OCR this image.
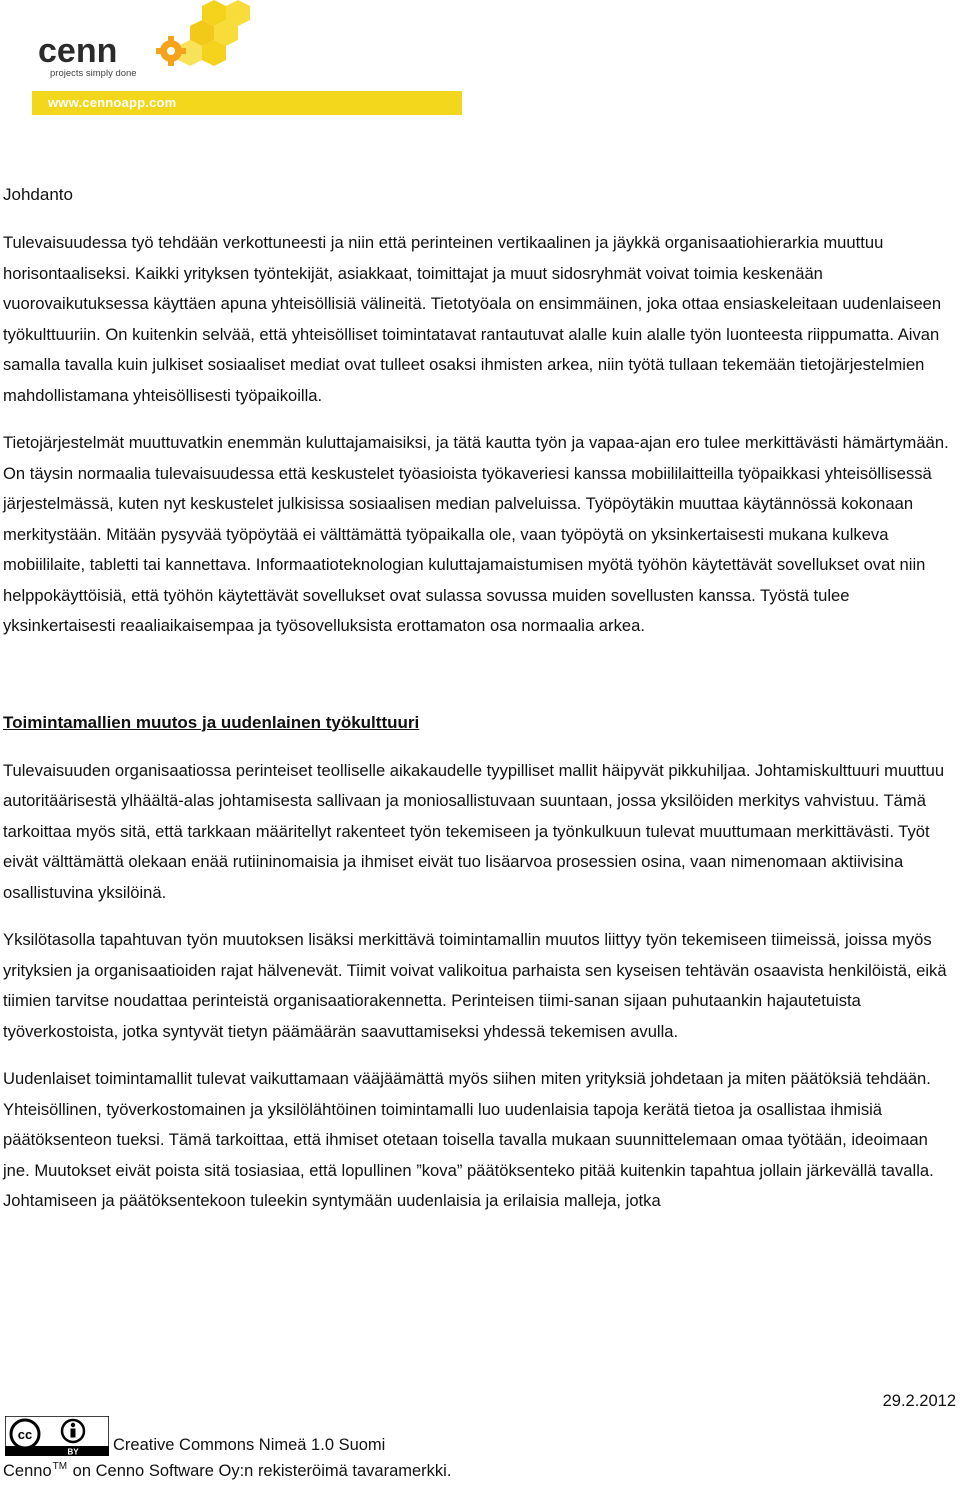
cenn
projects simply done
www.cennoapp.com
Johdanto

Tulevaisuudessa työ tehdään verkottuneesti ja niin että perinteinen vertikaalinen ja jäykkä organisaatiohierarkia muuttuu horisontaaliseksi. Kaikki yrityksen työntekijät, asiakkaat, toimittajat ja muut sidosryhmät voivat toimia keskenään vuorovaikutuksessa käyttäen apuna yhteisöllisiä välineitä. Tietotyöala on ensimmäinen, joka ottaa ensiaskeleitaan uudenlaiseen työkulttuuriin. On kuitenkin selvää, että yhteisölliset toimintatavat rantautuvat alalle kuin alalle työn luonteesta riippumatta. Aivan samalla tavalla kuin julkiset sosiaaliset mediat ovat tulleet osaksi ihmisten arkea, niin työtä tullaan tekemään tietojärjestelmien mahdollistamana yhteisöllisesti työpaikoilla.

Tietojärjestelmät muuttuvatkin enemmän kuluttajamaisiksi, ja tätä kautta työn ja vapaa-ajan ero tulee merkittävästi hämärtymään. On täysin normaalia tulevaisuudessa että keskustelet työasioista työkaveriesi kanssa mobiililaitteilla työpaikkasi yhteisöllisessä järjestelmässä, kuten nyt keskustelet julkisissa sosiaalisen median palveluissa. Työpöytäkin muuttaa käytännössä kokonaan merkitystään. Mitään pysyvää työpöytää ei välttämättä työpaikalla ole, vaan työpöytä on yksinkertaisesti mukana kulkeva mobiililaite, tabletti tai kannettava. Informaatioteknologian kuluttajamaistumisen myötä työhön käytettävät sovellukset ovat niin helppokäyttöisiä, että työhön käytettävät sovellukset ovat sulassa sovussa muiden sovellusten kanssa. Työstä tulee yksinkertaisesti reaaliaikaisempaa ja työsovelluksista erottamaton osa normaalia arkea.

Toimintamallien muutos ja uudenlainen työkulttuuri

Tulevaisuuden organisaatiossa perinteiset teolliselle aikakaudelle tyypilliset mallit häipyvät pikkuhiljaa. Johtamiskulttuuri muuttuu autoritäärisestä ylhäältä-alas johtamisesta sallivaan ja moniosallistuvaan suuntaan, jossa yksilöiden merkitys vahvistuu. Tämä tarkoittaa myös sitä, että tarkkaan määritellyt rakenteet työn tekemiseen ja työnkulkuun tulevat muuttumaan merkittävästi. Työt eivät välttämättä olekaan enää rutiininomaisia ja ihmiset eivät tuo lisäarvoa prosessien osina, vaan nimenomaan aktiivisina osallistuvina yksilöinä.

Yksilötasolla tapahtuvan työn muutoksen lisäksi merkittävä toimintamallin muutos liittyy työn tekemiseen tiimeissä, joissa myös yrityksien ja organisaatioiden rajat hälvenevät. Tiimit voivat valikoitua parhaista sen kyseisen tehtävän osaavista henkilöistä, eikä tiimien tarvitse noudattaa perinteistä organisaatiorakennetta. Perinteisen tiimi-sanan sijaan puhutaankin hajautetuista työverkostoista, jotka syntyvät tietyn päämäärän saavuttamiseksi yhdessä tekemisen avulla.

Uudenlaiset toimintamallit tulevat vaikuttamaan vääjäämättä myös siihen miten yrityksiä johdetaan ja miten päätöksiä tehdään. Yhteisöllinen, työverkostomainen ja yksilölähtöinen toimintamalli luo uudenlaisia tapoja kerätä tietoa ja osallistaa ihmisiä päätöksenteon tueksi. Tämä tarkoittaa, että ihmiset otetaan toisella tavalla mukaan suunnittelemaan omaa työtään, ideoimaan jne. Muutokset eivät poista sitä tosiasiaa, että lopullinen ”kova” päätöksenteko pitää kuitenkin tapahtua jollain järkevällä tavalla. Johtamiseen ja päätöksentekoon tuleekin syntymään uudenlaisia ja erilaisia malleja, jotka

29.2.2012
cc
BY Creative Commons Nimeä 1.0 Suomi
Cenno™ on Cenno Software Oy:n rekisteröimä tavaramerkki.
